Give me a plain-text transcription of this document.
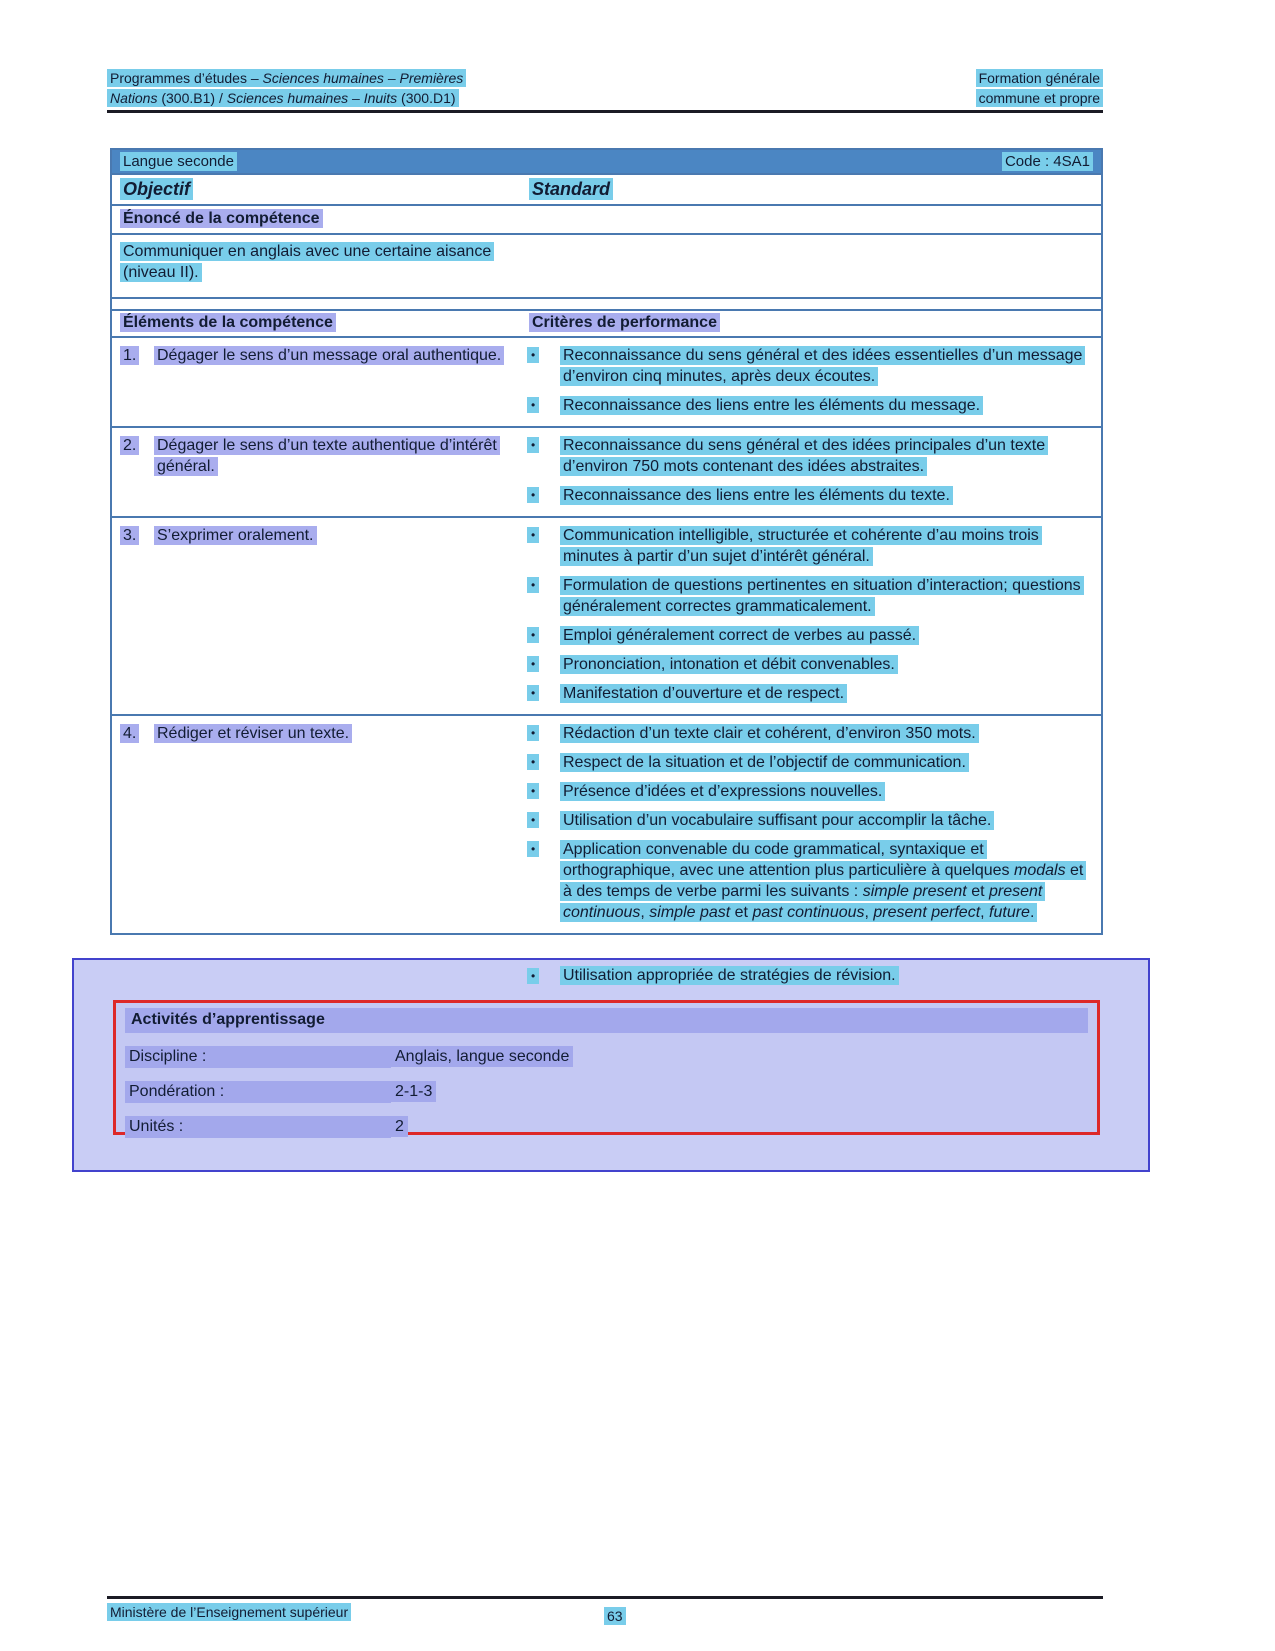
Programmes d’études – Sciences humaines – Premières
Nations (300.B1) / Sciences humaines – Inuits (300.D1)
Formation générale
commune et propre
Langue seconde	Code : 4SA1
Objectif	Standard
Énoncé de la compétence

Communiquer en anglais avec une certaine aisance (niveau II).

Éléments de la compétence	Critères de performance
1.	Dégager le sens d’un message oral authentique.	•	Reconnaissance du sens général et des idées essentielles d’un message d’environ cinq minutes, après deux écoutes.

•	Reconnaissance des liens entre les éléments du message.

2.	Dégager le sens d’un texte authentique d’intérêt général.

•	Reconnaissance du sens général et des idées principales d’un texte d’environ 750 mots contenant des idées abstraites.

•	Reconnaissance des liens entre les éléments du texte.

3.	S’exprimer oralement.	•	Communication intelligible, structurée et cohérente d’au moins trois minutes à partir d’un sujet d’intérêt général.

•	Formulation de questions pertinentes en situation d’interaction; questions généralement correctes grammaticalement.

•	Emploi généralement correct de verbes au passé.

•	Prononciation, intonation et débit convenables.

•	Manifestation d’ouverture et de respect.

4.	Rédiger et réviser un texte.	•	Rédaction d’un texte clair et cohérent, d’environ 350 mots.

•	Respect de la situation et de l’objectif de communication.

•	Présence d’idées et d’expressions nouvelles.

•	Utilisation d’un vocabulaire suffisant pour accomplir la tâche.

•	Application convenable du code grammatical, syntaxique et orthographique, avec une attention plus particulière à quelques modals et à des temps de verbe parmi les suivants : simple present et present continuous, simple past et past continuous, present perfect, future.

•	Utilisation appropriée de stratégies de révision.

Activités d’apprentissage
Discipline :	Anglais, langue seconde
Pondération :	2-1-3
Unités :	2
Ministère de l’Enseignement supérieur	63
